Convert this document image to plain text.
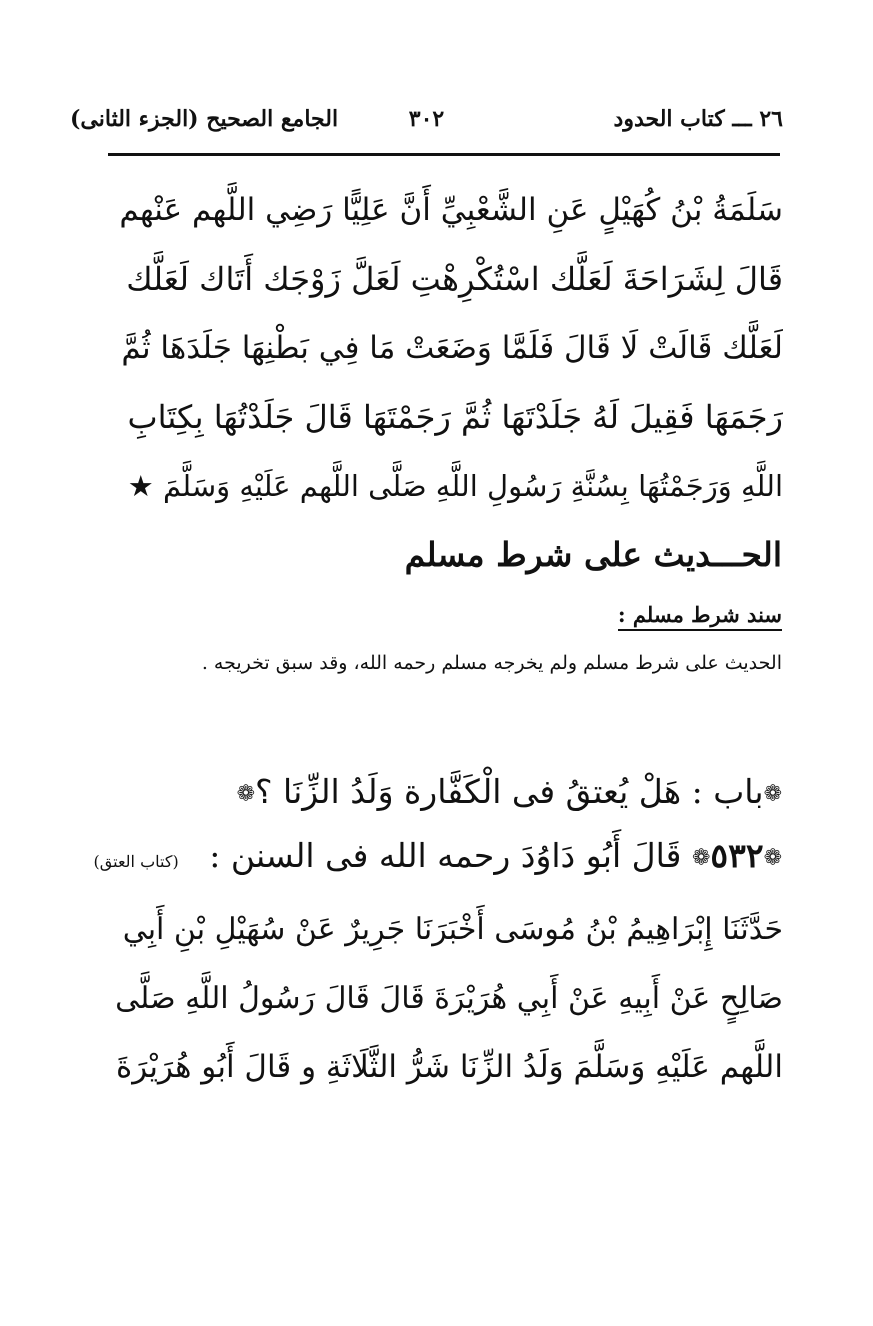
٢٦ ـــ كتاب الحدود
٣٠٢
الجامع الصحيح (الجزء الثانى)
سَلَمَةُ بْنُ كُهَيْلٍ عَنِ الشَّعْبِيِّ أَنَّ عَلِيًّا رَضِي اللَّهم عَنْهم
قَالَ لِشَرَاحَةَ لَعَلَّك اسْتُكْرِهْتِ لَعَلَّ زَوْجَك أَتَاك لَعَلَّك
لَعَلَّك قَالَتْ لَا قَالَ فَلَمَّا وَضَعَتْ مَا فِي بَطْنِهَا جَلَدَهَا ثُمَّ
رَجَمَهَا فَقِيلَ لَهُ جَلَدْتَهَا ثُمَّ رَجَمْتَهَا قَالَ جَلَدْتُهَا بِكِتَابِ
اللَّهِ وَرَجَمْتُهَا بِسُنَّةِ رَسُولِ اللَّهِ صَلَّى اللَّهم عَلَيْهِ وَسَلَّمَ ★
الحـــديث على شرط مسلم
سند شرط مسلم :
الحديث على شرط مسلم ولم يخرجه مسلم رحمه الله، وقد سبق تخريجه .
❁باب : هَلْ يُعتقُ فى الْكَفَّارة وَلَدُ الزِّنَا ؟❁
❁٥٣٢❁ قَالَ أَبُو دَاوُدَ رحمه الله فى السنن : (كتاب العتق)
حَدَّثَنَا إِبْرَاهِيمُ بْنُ مُوسَى أَخْبَرَنَا جَرِيرٌ عَنْ سُهَيْلِ بْنِ أَبِي
صَالِحٍ عَنْ أَبِيهِ عَنْ أَبِي هُرَيْرَةَ قَالَ قَالَ رَسُولُ اللَّهِ صَلَّى
اللَّهم عَلَيْهِ وَسَلَّمَ وَلَدُ الزِّنَا شَرُّ الثَّلَاثَةِ و قَالَ أَبُو هُرَيْرَةَ
